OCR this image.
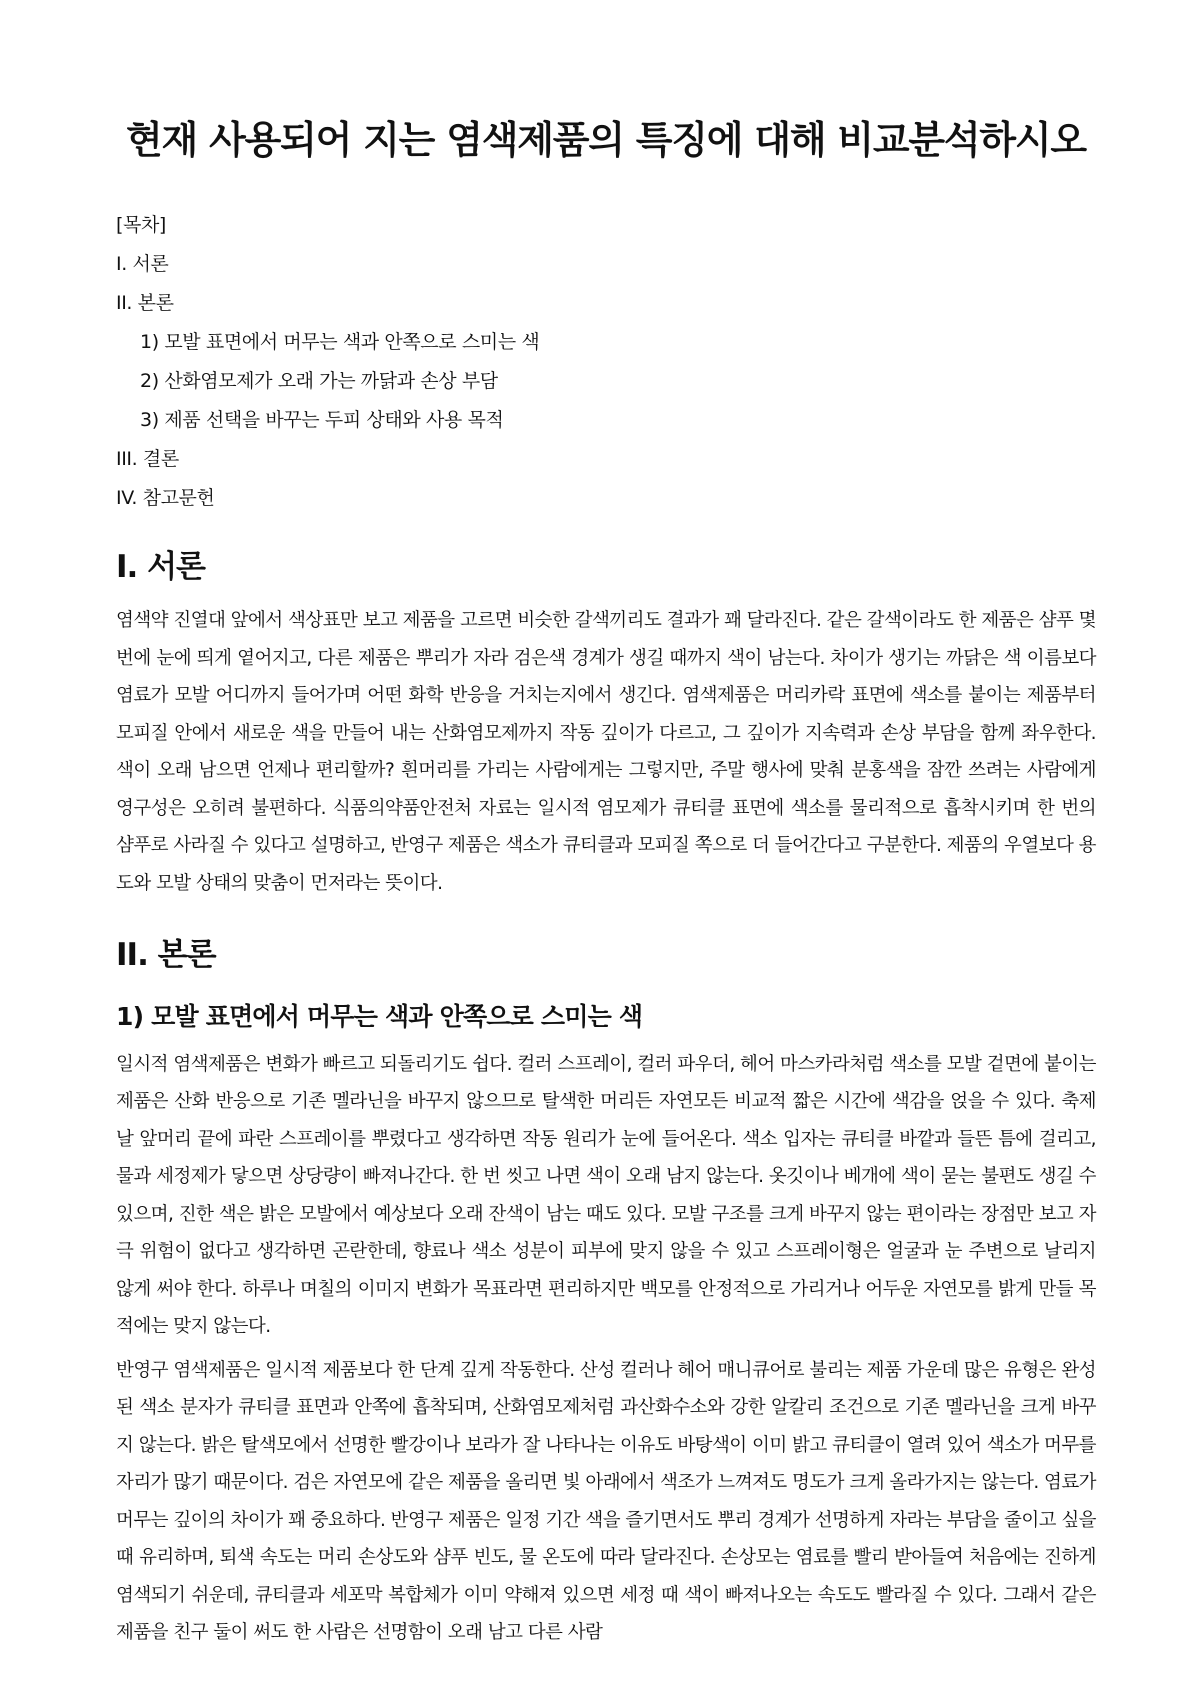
현재 사용되어 지는 염색제품의 특징에 대해 비교분석하시오
[목차]
I. 서론
II. 본론
1) 모발 표면에서 머무는 색과 안쪽으로 스미는 색
2) 산화염모제가 오래 가는 까닭과 손상 부담
3) 제품 선택을 바꾸는 두피 상태와 사용 목적
III. 결론
IV. 참고문헌
I. 서론

염색약 진열대 앞에서 색상표만 보고 제품을 고르면 비슷한 갈색끼리도 결과가 꽤 달라진다. 같은 갈색이라도 한 제품은 샴푸 몇 번에 눈에 띄게 옅어지고, 다른 제품은 뿌리가 자라 검은색 경계가 생길 때까지 색이 남는다. 차이가 생기는 까닭은 색 이름보다 염료가 모발 어디까지 들어가며 어떤 화학 반응을 거치는지에서 생긴다. 염색제품은 머리카락 표면에 색소를 붙이는 제품부터 모피질 안에서 새로운 색을 만들어 내는 산화염모제까지 작동 깊이가 다르고, 그 깊이가 지속력과 손상 부담을 함께 좌우한다. 색이 오래 남으면 언제나 편리할까? 흰머리를 가리는 사람에게는 그렇지만, 주말 행사에 맞춰 분홍색을 잠깐 쓰려는 사람에게 영구성은 오히려 불편하다. 식품의약품안전처 자료는 일시적 염모제가 큐티클 표면에 색소를 물리적으로 흡착시키며 한 번의 샴푸로 사라질 수 있다고 설명하고, 반영구 제품은 색소가 큐티클과 모피질 쪽으로 더 들어간다고 구분한다. 제품의 우열보다 용도와 모발 상태의 맞춤이 먼저라는 뜻이다.

II. 본론
1) 모발 표면에서 머무는 색과 안쪽으로 스미는 색

일시적 염색제품은 변화가 빠르고 되돌리기도 쉽다. 컬러 스프레이, 컬러 파우더, 헤어 마스카라처럼 색소를 모발 겉면에 붙이는 제품은 산화 반응으로 기존 멜라닌을 바꾸지 않으므로 탈색한 머리든 자연모든 비교적 짧은 시간에 색감을 얹을 수 있다. 축제 날 앞머리 끝에 파란 스프레이를 뿌렸다고 생각하면 작동 원리가 눈에 들어온다. 색소 입자는 큐티클 바깥과 들뜬 틈에 걸리고, 물과 세정제가 닿으면 상당량이 빠져나간다. 한 번 씻고 나면 색이 오래 남지 않는다. 옷깃이나 베개에 색이 묻는 불편도 생길 수 있으며, 진한 색은 밝은 모발에서 예상보다 오래 잔색이 남는 때도 있다. 모발 구조를 크게 바꾸지 않는 편이라는 장점만 보고 자극 위험이 없다고 생각하면 곤란한데, 향료나 색소 성분이 피부에 맞지 않을 수 있고 스프레이형은 얼굴과 눈 주변으로 날리지 않게 써야 한다. 하루나 며칠의 이미지 변화가 목표라면 편리하지만 백모를 안정적으로 가리거나 어두운 자연모를 밝게 만들 목적에는 맞지 않는다.

반영구 염색제품은 일시적 제품보다 한 단계 깊게 작동한다. 산성 컬러나 헤어 매니큐어로 불리는 제품 가운데 많은 유형은 완성된 색소 분자가 큐티클 표면과 안쪽에 흡착되며, 산화염모제처럼 과산화수소와 강한 알칼리 조건으로 기존 멜라닌을 크게 바꾸지 않는다. 밝은 탈색모에서 선명한 빨강이나 보라가 잘 나타나는 이유도 바탕색이 이미 밝고 큐티클이 열려 있어 색소가 머무를 자리가 많기 때문이다. 검은 자연모에 같은 제품을 올리면 빛 아래에서 색조가 느껴져도 명도가 크게 올라가지는 않는다. 염료가 머무는 깊이의 차이가 꽤 중요하다. 반영구 제품은 일정 기간 색을 즐기면서도 뿌리 경계가 선명하게 자라는 부담을 줄이고 싶을 때 유리하며, 퇴색 속도는 머리 손상도와 샴푸 빈도, 물 온도에 따라 달라진다. 손상모는 염료를 빨리 받아들여 처음에는 진하게 염색되기 쉬운데, 큐티클과 세포막 복합체가 이미 약해져 있으면 세정 때 색이 빠져나오는 속도도 빨라질 수 있다. 그래서 같은 제품을 친구 둘이 써도 한 사람은 선명함이 오래 남고 다른 사람
